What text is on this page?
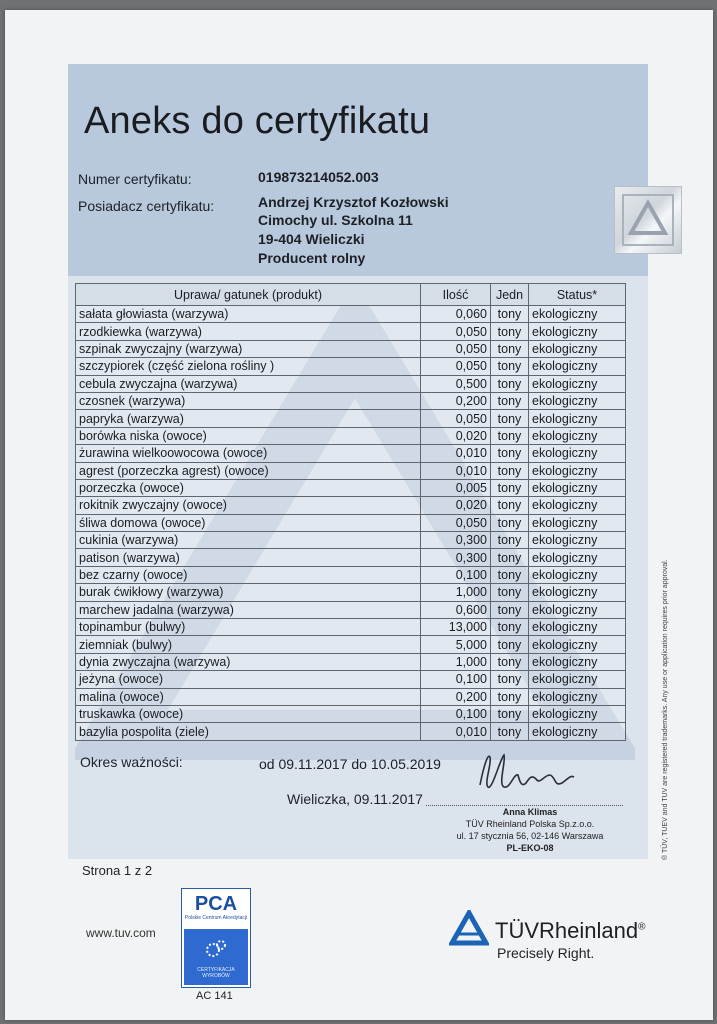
Aneks do certyfikatu
Numer certyfikatu:	019873214052.003
Posiadacz certyfikatu:	Andrzej Krzysztof Kozłowski
Cimochy ul. Szkolna 11
19-404 Wieliczki
Producent rolny
Uprawa/ gatunek (produkt)	Ilość	Jedn	Status*
sałata głowiasta (warzywa)	0,060	tony	ekologiczny
rzodkiewka (warzywa)	0,050	tony	ekologiczny
szpinak zwyczajny (warzywa)	0,050	tony	ekologiczny
szczypiorek (część zielona rośliny )	0,050	tony	ekologiczny
cebula zwyczajna (warzywa)	0,500	tony	ekologiczny
czosnek (warzywa)	0,200	tony	ekologiczny
papryka (warzywa)	0,050	tony	ekologiczny
borówka niska (owoce)	0,020	tony	ekologiczny
żurawina wielkoowocowa (owoce)	0,010	tony	ekologiczny
agrest (porzeczka agrest) (owoce)	0,010	tony	ekologiczny
porzeczka (owoce)	0,005	tony	ekologiczny
rokitnik zwyczajny (owoce)	0,020	tony	ekologiczny
śliwa domowa (owoce)	0,050	tony	ekologiczny
cukinia (warzywa)	0,300	tony	ekologiczny
patison (warzywa)	0,300	tony	ekologiczny
bez czarny (owoce)	0,100	tony	ekologiczny
burak ćwikłowy (warzywa)	1,000	tony	ekologiczny
marchew jadalna (warzywa)	0,600	tony	ekologiczny
topinambur (bulwy)	13,000	tony	ekologiczny
ziemniak (bulwy)	5,000	tony	ekologiczny
dynia zwyczajna (warzywa)	1,000	tony	ekologiczny
jeżyna (owoce)	0,100	tony	ekologiczny
malina (owoce)	0,200	tony	ekologiczny
truskawka (owoce)	0,100	tony	ekologiczny
bazylia pospolita (ziele)	0,010	tony	ekologiczny
Okres ważności:	od 09.11.2017 do 10.05.2019
Wieliczka, 09.11.2017
Anna Klimas
TÜV Rheinland Polska Sp.z.o.o.
ul. 17 stycznia 56, 02-146 Warszawa
PL-EKO-08
Strona 1 z 2
® TÜV, TUEV and TUV are registered trademarks. Any use or application requires prior approval.
www.tuv.com
PCA
Polskie Centrum Akredytacji
CERTYFIKACJA WYROBÓW
AC 141
TÜVRheinland®
Precisely Right.
